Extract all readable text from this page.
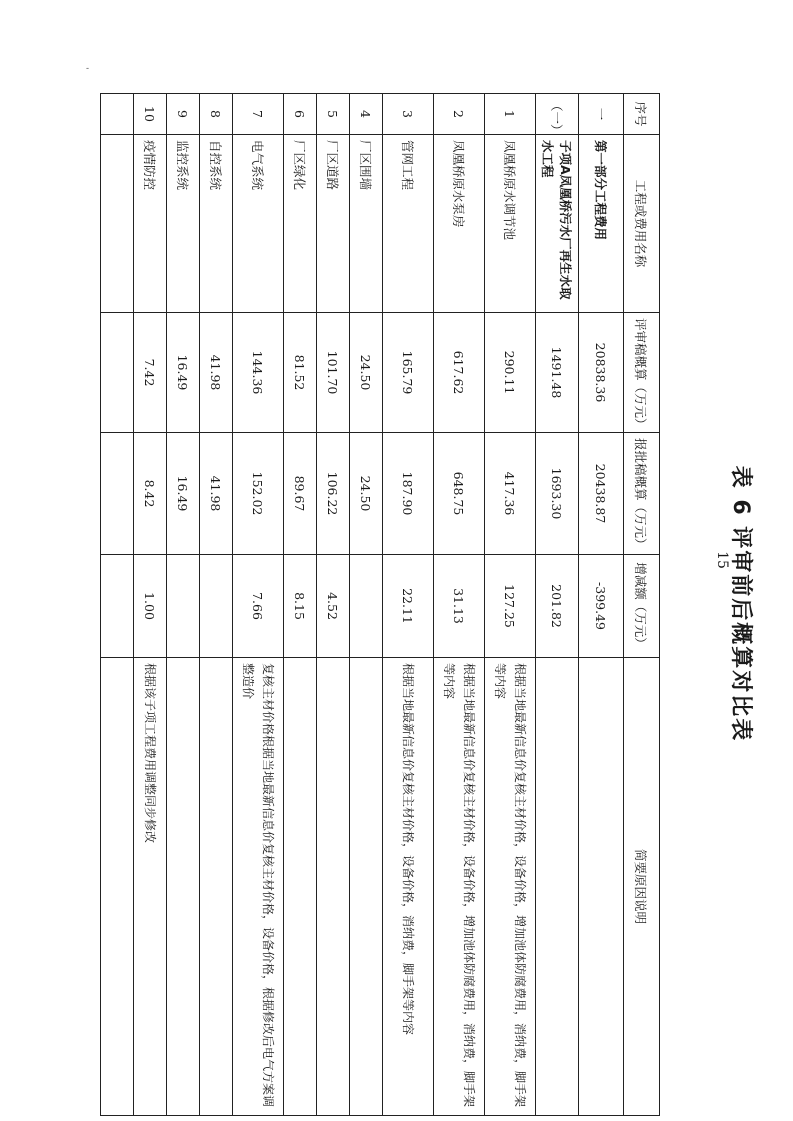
-
表 6 评审前后概算对比表
序号	工程或费用名称	评审稿概算（万元）	报批稿概算（万元）	增减额（万元）	简要原因说明
一	第一部分工程费用	20838.36	20438.87	-399.49	
（一）	子项A凤凰桥污水厂再生水取水工程	1491.48	1693.30	201.82	
1	凤凰桥原水调节池	290.11	417.36	127.25	根据当地最新信息价复核主材价格，设备价格，增加池体防腐费用，消纳费，脚手架等内容
2	凤凰桥原水泵房	617.62	648.75	31.13	根据当地最新信息价复核主材价格，设备价格，增加池体防腐费用，消纳费，脚手架等内容
3	管网工程	165.79	187.90	22.11	根据当地最新信息价复核主材价格，设备价格，消纳费，脚手架等内容
4	厂区围墙	24.50	24.50		
5	厂区道路	101.70	106.22	4.52	
6	厂区绿化	81.52	89.67	8.15	
7	电气系统	144.36	152.02	7.66	复核主材价格根据当地最新信息价复核主材价格，设备价格，根据修改后电气方案调整造价
8	自控系统	41.98	41.98		
9	监控系统	16.49	16.49		
10	疫情防控	7.42	8.42	1.00	根据该子项工程费用调整同步修改

15
